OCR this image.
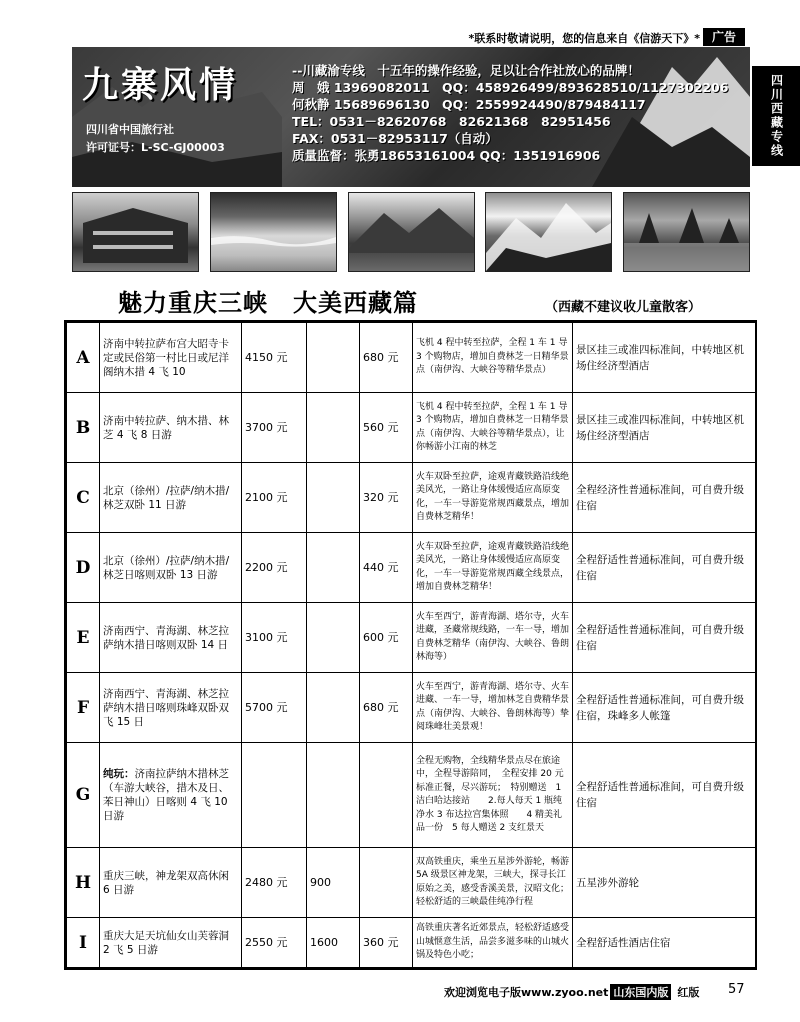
*联系时敬请说明，您的信息来自《信游天下》* 广告
四川西藏专线
九寨风情
四川省中国旅行社
许可证号：L-SC-GJ00003
--川藏渝专线　十五年的操作经验，足以让合作社放心的品牌！
周　娥 13969082011　QQ：458926499/893628510/1127302206
何秋静 15689696130　QQ：2559924490/879484117
TEL：0531－82620768　82621368　82951456
FAX：0531－82953117（自动）
质量监督：张勇18653161004 QQ：1351916906
魅力重庆三峡　大美西藏篇	（西藏不建议收儿童散客）
A	济南中转拉萨布宫大昭寺卡定或民俗第一村比日或尼洋阁纳木措 4 飞 10	4150 元		680 元	飞机 4 程中转至拉萨，全程 1 车 1 导 3 个购物店，增加自费林芝一日精华景点（南伊沟、大峡谷等精华景点）	景区挂三或准四标准间，中转地区机场住经济型酒店
B	济南中转拉萨、纳木措、林芝 4 飞 8 日游	3700 元		560 元	飞机 4 程中转至拉萨，全程 1 车 1 导 3 个购物店，增加自费林芝一日精华景点（南伊沟、大峡谷等精华景点），让你畅游小江南的林芝	景区挂三或准四标准间，中转地区机场住经济型酒店
C	北京（徐州）/拉萨/纳木措/林芝双卧 11 日游	2100 元		320 元	火车双卧至拉萨，途观青藏铁路沿线绝美风光，一路让身体缓慢适应高原变化，一车一导游览常规西藏景点，增加自费林芝精华！	全程经济性普通标准间，可自费升级住宿
D	北京（徐州）/拉萨/纳木措/林芝日喀则双卧 13 日游	2200 元		440 元	火车双卧至拉萨，途观青藏铁路沿线绝美风光，一路让身体缓慢适应高原变化，一车一导游览常规西藏全线景点，增加自费林芝精华！	全程舒适性普通标准间，可自费升级住宿
E	济南西宁、青海湖、林芝拉萨纳木措日喀则双卧 14 日	3100 元		600 元	火车至西宁，游青海湖、塔尔寺，火车进藏，圣藏常规线路，一车一导，增加自费林芝精华（南伊沟、大峡谷、鲁朗林海等）	全程舒适性普通标准间，可自费升级住宿
F	济南西宁、青海湖、林芝拉萨纳木措日喀则珠峰双卧双飞 15 日	5700 元		680 元	火车至西宁，游青海湖、塔尔寺、火车进藏、一车一导，增加林芝自费精华景点（南伊沟、大峡谷、鲁朗林海等）挚阅珠峰壮美景观！	全程舒适性普通标准间，可自费升级住宿，珠峰多人帐篷
G	纯玩：济南拉萨纳木措林芝（车游大峡谷，措木及日、苯日神山）日喀则 4 飞 10 日游				全程无购物，全线精华景点尽在旅途中，全程导游陪同，　全程安排 20 元标准正餐，尽兴游玩；　特别赠送　1 洁白哈达接站　　2.每人每天 1 瓶纯净水 3 布达拉宫集体照　　4 精美礼品一份　5 每人赠送 2 支红景天	全程舒适性普通标准间，可自费升级住宿
H	重庆三峡，神龙架双高休闲 6 日游	2480 元	900		双高铁重庆，乘坐五星涉外游轮，畅游 5A 级景区神龙架，三峡大，探寻长江原始之美，感受香溪美景，汉昭文化；轻松舒适的三峡最佳纯净行程	五星涉外游轮
I	重庆大足天坑仙女山芙蓉洞 2 飞 5 日游	2550 元	1600	360 元	高铁重庆著名近郊景点，轻松舒适感受山城惬意生活，品尝多滋多味的山城火锅及特色小吃；	全程舒适性酒店住宿
欢迎浏览电子版www.zyoo.net 山东国内版 红版 57
